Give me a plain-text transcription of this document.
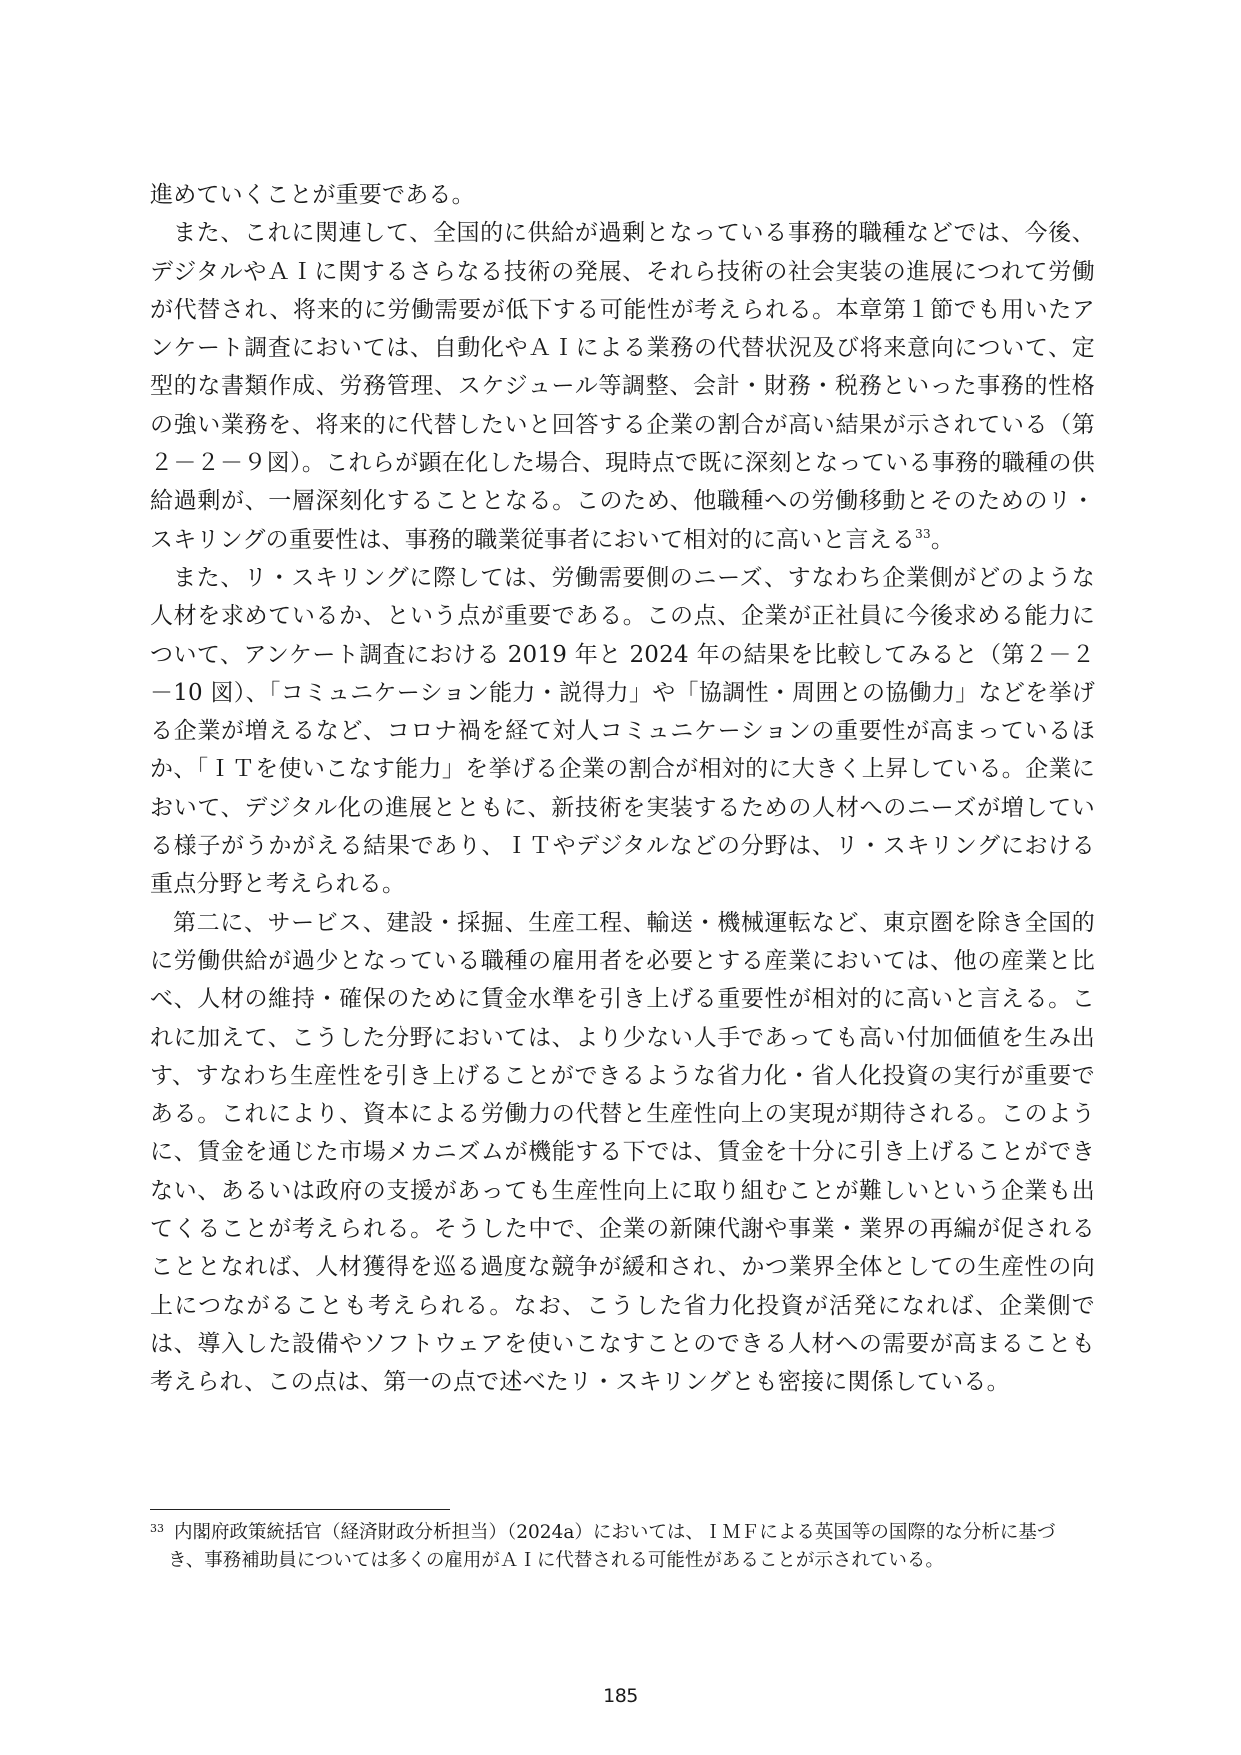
進めていくことが重要である。

また、これに関連して、全国的に供給が過剰となっている事務的職種などでは、今後、デジタルやＡＩに関するさらなる技術の発展、それら技術の社会実装の進展につれて労働が代替され、将来的に労働需要が低下する可能性が考えられる。本章第１節でも用いたアンケート調査においては、自動化やＡＩによる業務の代替状況及び将来意向について、定型的な書類作成、労務管理、スケジュール等調整、会計・財務・税務といった事務的性格の強い業務を、将来的に代替したいと回答する企業の割合が高い結果が示されている（第２－２－９図）。これらが顕在化した場合、現時点で既に深刻となっている事務的職種の供給過剰が、一層深刻化することとなる。このため、他職種への労働移動とそのためのリ・スキリングの重要性は、事務的職業従事者において相対的に高いと言える$^{33}$。

また、リ・スキリングに際しては、労働需要側のニーズ、すなわち企業側がどのような人材を求めているか、という点が重要である。この点、企業が正社員に今後求める能力について、アンケート調査における 2019 年と 2024 年の結果を比較してみると（第２－２－10 図）、「コミュニケーション能力・説得力」や「協調性・周囲との協働力」などを挙げる企業が増えるなど、コロナ禍を経て対人コミュニケーションの重要性が高まっているほか、「ＩＴを使いこなす能力」を挙げる企業の割合が相対的に大きく上昇している。企業において、デジタル化の進展とともに、新技術を実装するための人材へのニーズが増している様子がうかがえる結果であり、ＩＴやデジタルなどの分野は、リ・スキリングにおける重点分野と考えられる。

第二に、サービス、建設・採掘、生産工程、輸送・機械運転など、東京圏を除き全国的に労働供給が過少となっている職種の雇用者を必要とする産業においては、他の産業と比べ、人材の維持・確保のために賃金水準を引き上げる重要性が相対的に高いと言える。これに加えて、こうした分野においては、より少ない人手であっても高い付加価値を生み出す、すなわち生産性を引き上げることができるような省力化・省人化投資の実行が重要である。これにより、資本による労働力の代替と生産性向上の実現が期待される。このように、賃金を通じた市場メカニズムが機能する下では、賃金を十分に引き上げることができない、あるいは政府の支援があっても生産性向上に取り組むことが難しいという企業も出てくることが考えられる。そうした中で、企業の新陳代謝や事業・業界の再編が促されることとなれば、人材獲得を巡る過度な競争が緩和され、かつ業界全体としての生産性の向上につながることも考えられる。なお、こうした省力化投資が活発になれば、企業側では、導入した設備やソフトウェアを使いこなすことのできる人材への需要が高まることも考えられ、この点は、第一の点で述べたリ・スキリングとも密接に関係している。

$^{33}$ 内閣府政策統括官（経済財政分析担当）（2024a）においては、ＩＭＦによる英国等の国際的な分析に基づ
き、事務補助員については多くの雇用がＡＩに代替される可能性があることが示されている。
185
